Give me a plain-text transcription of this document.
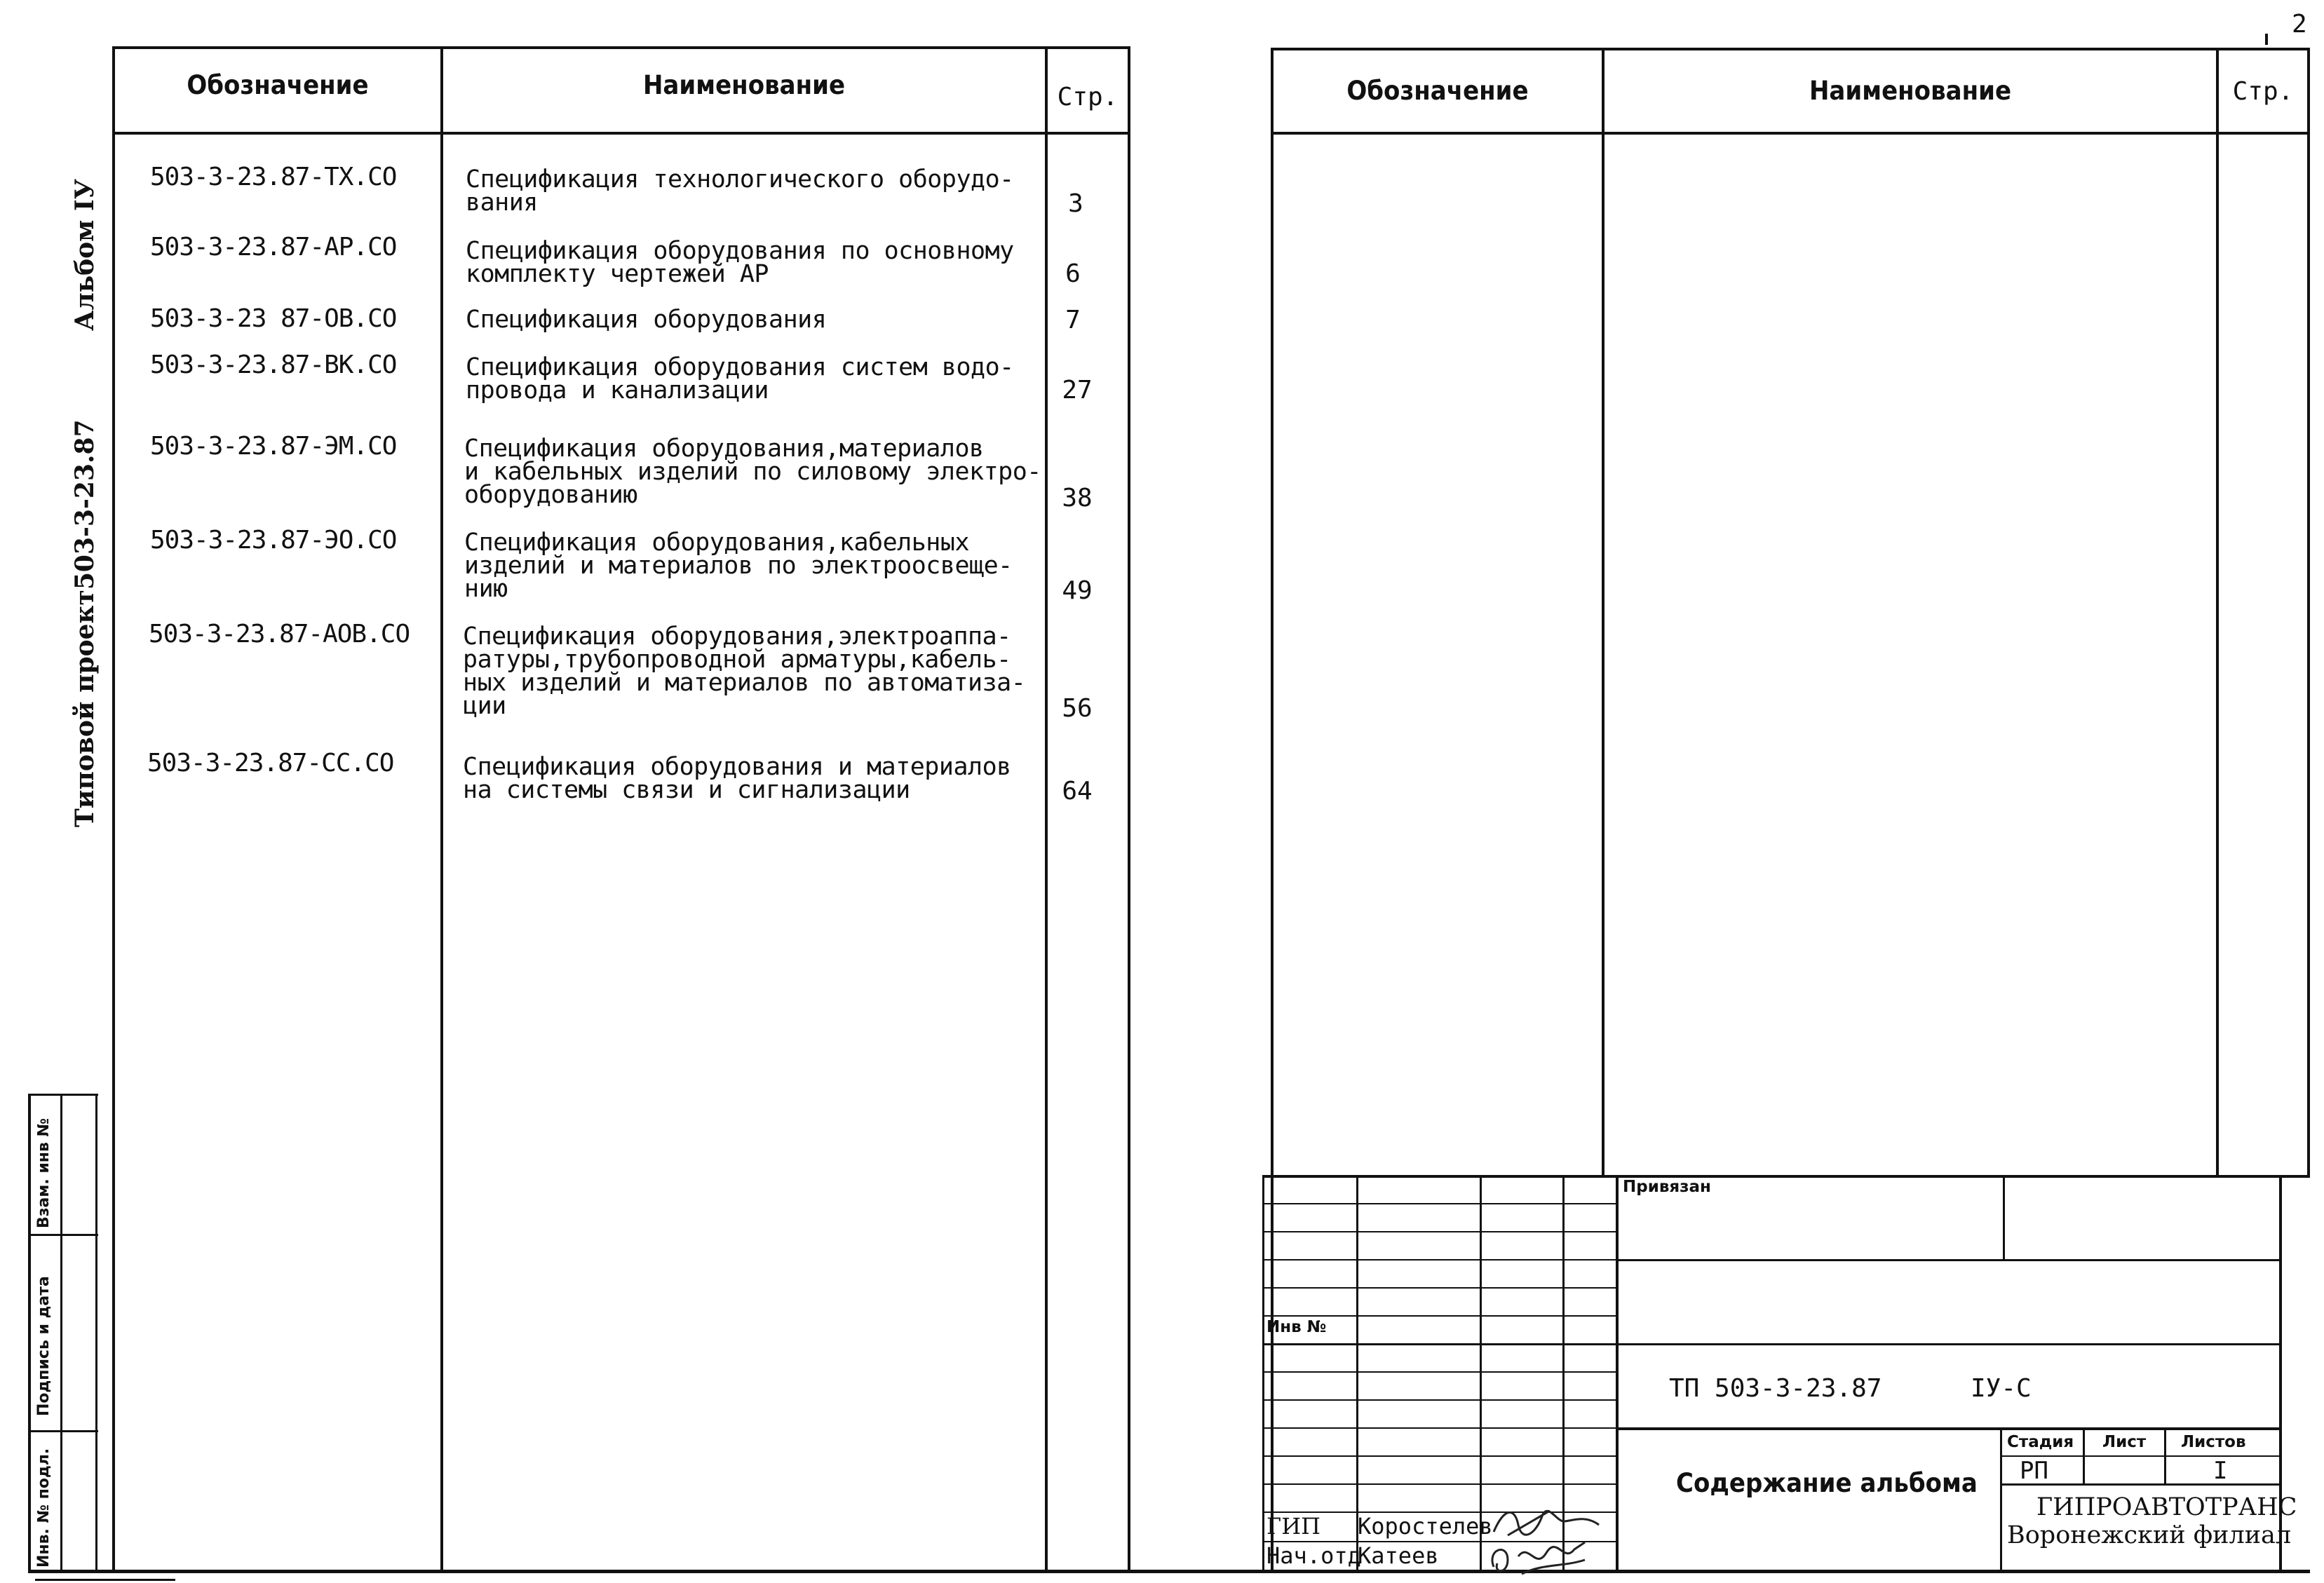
2
Взам. инв №
Подпись и дата
Инв. № подл.
Альбом IУ
Типовой проект503-3-23.87
Обозначение	Наименование	Стр.
503-3-23.87-ТХ.СО	Спецификация технологического оборудо-
вания	3
503-3-23.87-АР.СО	Спецификация оборудования по основному
комплекту чертежей АР	6
503-3-23 87-ОВ.СО	Спецификация оборудования	7
503-3-23.87-ВК.СО	Спецификация оборудования систем водо-
провода и канализации	27
503-3-23.87-ЭМ.СО	Спецификация оборудования,материалов
и кабельных изделий по силовому электро-
оборудованию	38
503-3-23.87-ЭО.СО	Спецификация оборудования,кабельных
изделий и материалов по электроосвеще-
нию	49
503-3-23.87-АОВ.СО Спецификация оборудования,электроаппа-
ратуры,трубопроводной арматуры,кабель-
ных изделий и материалов по автоматиза-
ции	56
503-3-23.87-СС.СО	Спецификация оборудования и материалов
на системы связи и сигнализации	64
Обозначение	Наименование	Стр.
Привязан
Инв №
ТП 503-3-23.87	IУ-С
Содержание альбома
Стадия Лист Листов
РП	I
ГИПРОАВТОТРАНС
Воронежский филиал
ГИП Коростелев
Нач.отд
Катеев
